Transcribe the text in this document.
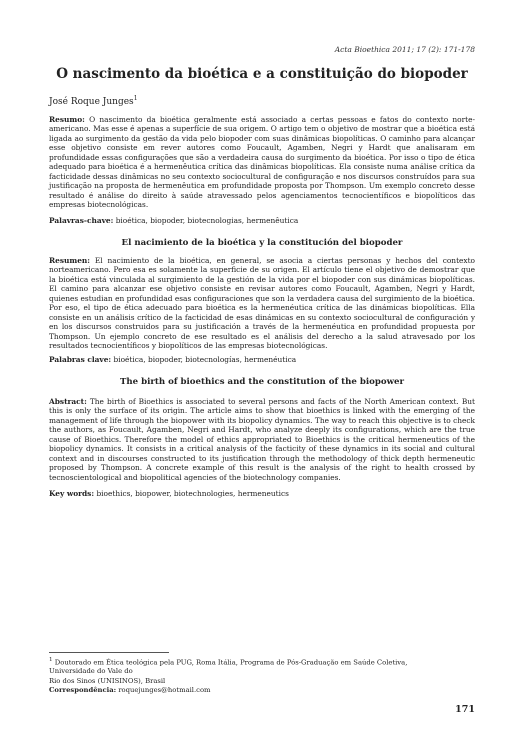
Acta Bioethica 2011; 17 (2): 171-178
O nascimento da bioética e a constituição do biopoder
José Roque Junges$^1$

Resumo: O nascimento da bioética geralmente está associado a certas pessoas e fatos do contexto norte-americano. Mas esse é apenas a superfície de sua origem. O artigo tem o objetivo de mostrar que a bioética está ligada ao surgimento da gestão da vida pelo biopoder com suas dinâmicas biopolíticas. O caminho para alcançar esse objetivo consiste em rever autores como Foucault, Agamben, Negri y Hardt que analisaram em profundidade essas configurações que são a verdadeira causa do surgimento da bioética. Por isso o tipo de ética adequado para bioética é a hermenêutica crítica das dinâmicas biopolíticas. Ela consiste numa análise crítica da facticidade dessas dinâmicas no seu contexto sociocultural de configuração e nos discursos construídos para sua justificação na proposta de hermenêutica em profundidade proposta por Thompson. Um exemplo concreto desse resultado é análise do direito à saúde atravessado pelos agenciamentos tecnocientíficos e biopolíticos das empresas biotecnológicas.

Palavras-chave: bioética, biopoder, biotecnologias, hermenêutica

El nacimiento de la bioética y la constitución del biopoder

Resumen: El nacimiento de la bioética, en general, se asocia a ciertas personas y hechos del contexto norteamericano. Pero esa es solamente la superficie de su origen. El artículo tiene el objetivo de demostrar que la bioética está vinculada al surgimiento de la gestión de la vida por el biopoder con sus dinámicas biopolíticas. El camino para alcanzar ese objetivo consiste en revisar autores como Foucault, Agamben, Negri y Hardt, quienes estudian en profundidad esas configuraciones que son la verdadera causa del surgimiento de la bioética. Por eso, el tipo de ética adecuado para bioética es la hermenéutica crítica de las dinámicas biopolíticas. Ella consiste en un análisis crítico de la facticidad de esas dinámicas en su contexto sociocultural de configuración y en los discursos construidos para su justificación a través de la hermenéutica en profundidad propuesta por Thompson. Un ejemplo concreto de ese resultado es el análisis del derecho a la salud atravesado por los resultados tecnocientíficos y biopolíticos de las empresas biotecnológicas.

Palabras clave: bioética, biopoder, biotecnologías, hermenéutica

The birth of bioethics and the constitution of the biopower

Abstract: The birth of Bioethics is associated to several persons and facts of the North American context. But this is only the surface of its origin. The article aims to show that bioethics is linked with the emerging of the management of life through the biopower with its biopolicy dynamics. The way to reach this objective is to check the authors, as Foucault, Agamben, Negri and Hardt, who analyze deeply its configurations, which are the true cause of Bioethics. Therefore the model of ethics appropriated to Bioethics is the critical hermeneutics of the biopolicy dynamics. It consists in a critical analysis of the facticity of these dynamics in its social and cultural context and in discourses constructed to its justification through the methodology of thick depth hermeneutic proposed by Thompson. A concrete example of this result is the analysis of the right to health crossed by tecnoscientological and biopolitical agencies of the biotechnology companies.

Key words: bioethics, biopower, biotechnologies, hermeneutics

$^1$ Doutorado em Ética teológica pela PUG, Roma Itália, Programa de Pós-Graduação em Saúde Coletiva, Universidade do Vale do
Rio dos Sinos (UNISINOS), Brasil
Correspondência: roquejunges@hotmail.com
171
